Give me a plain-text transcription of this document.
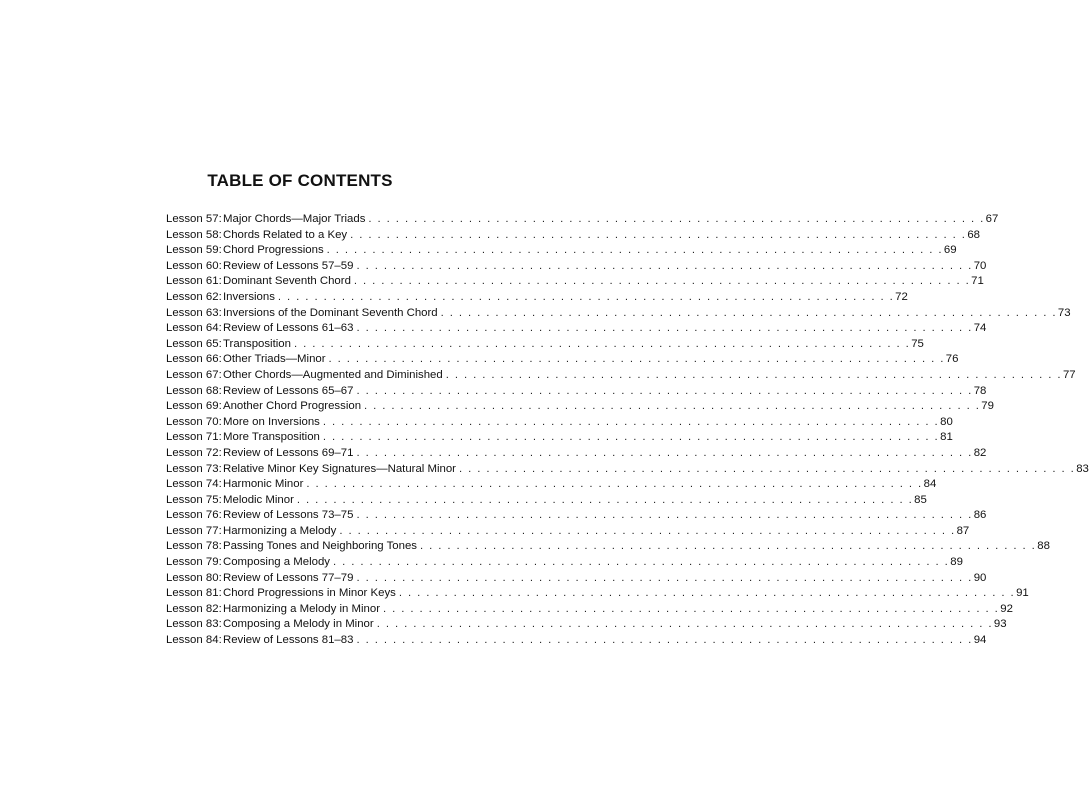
TABLE OF CONTENTS
Lesson 57: Major Chords—Major Triads . . . . . . . . . . . . . . . . . . . . . . . . . . . . . . . . . . . . . . . . . . . . . . . . . . . . . . . . . . . . . . . . . . . . 67
Lesson 58: Chords Related to a Key . . . . . . . . . . . . . . . . . . . . . . . . . . . . . . . . . . . . . . . . . . . . . . . . . . . . . . . . . . . . . . . . . . . . 68
Lesson 59: Chord Progressions . . . . . . . . . . . . . . . . . . . . . . . . . . . . . . . . . . . . . . . . . . . . . . . . . . . . . . . . . . . . . . . . . . . . 69
Lesson 60: Review of Lessons 57–59 . . . . . . . . . . . . . . . . . . . . . . . . . . . . . . . . . . . . . . . . . . . . . . . . . . . . . . . . . . . . . . . . . . . . 70
Lesson 61: Dominant Seventh Chord . . . . . . . . . . . . . . . . . . . . . . . . . . . . . . . . . . . . . . . . . . . . . . . . . . . . . . . . . . . . . . . . . . . . 71
Lesson 62: Inversions . . . . . . . . . . . . . . . . . . . . . . . . . . . . . . . . . . . . . . . . . . . . . . . . . . . . . . . . . . . . . . . . . . . . 72
Lesson 63: Inversions of the Dominant Seventh Chord . . . . . . . . . . . . . . . . . . . . . . . . . . . . . . . . . . . . . . . . . . . . . . . . . . . . . . . . . . . . . . . . . . . . 73
Lesson 64: Review of Lessons 61–63 . . . . . . . . . . . . . . . . . . . . . . . . . . . . . . . . . . . . . . . . . . . . . . . . . . . . . . . . . . . . . . . . . . . . 74
Lesson 65: Transposition . . . . . . . . . . . . . . . . . . . . . . . . . . . . . . . . . . . . . . . . . . . . . . . . . . . . . . . . . . . . . . . . . . . . 75
Lesson 66: Other Triads—Minor . . . . . . . . . . . . . . . . . . . . . . . . . . . . . . . . . . . . . . . . . . . . . . . . . . . . . . . . . . . . . . . . . . . . 76
Lesson 67: Other Chords—Augmented and Diminished . . . . . . . . . . . . . . . . . . . . . . . . . . . . . . . . . . . . . . . . . . . . . . . . . . . . . . . . . . . . . . . . . . . . 77
Lesson 68: Review of Lessons 65–67 . . . . . . . . . . . . . . . . . . . . . . . . . . . . . . . . . . . . . . . . . . . . . . . . . . . . . . . . . . . . . . . . . . . . 78
Lesson 69: Another Chord Progression . . . . . . . . . . . . . . . . . . . . . . . . . . . . . . . . . . . . . . . . . . . . . . . . . . . . . . . . . . . . . . . . . . . . 79
Lesson 70: More on Inversions . . . . . . . . . . . . . . . . . . . . . . . . . . . . . . . . . . . . . . . . . . . . . . . . . . . . . . . . . . . . . . . . . . . . 80
Lesson 71: More Transposition . . . . . . . . . . . . . . . . . . . . . . . . . . . . . . . . . . . . . . . . . . . . . . . . . . . . . . . . . . . . . . . . . . . . 81
Lesson 72: Review of Lessons 69–71 . . . . . . . . . . . . . . . . . . . . . . . . . . . . . . . . . . . . . . . . . . . . . . . . . . . . . . . . . . . . . . . . . . . . 82
Lesson 73: Relative Minor Key Signatures—Natural Minor . . . . . . . . . . . . . . . . . . . . . . . . . . . . . . . . . . . . . . . . . . . . . . . . . . . . . . . . . . . . . . . . . . . . 83
Lesson 74: Harmonic Minor . . . . . . . . . . . . . . . . . . . . . . . . . . . . . . . . . . . . . . . . . . . . . . . . . . . . . . . . . . . . . . . . . . . . 84
Lesson 75: Melodic Minor . . . . . . . . . . . . . . . . . . . . . . . . . . . . . . . . . . . . . . . . . . . . . . . . . . . . . . . . . . . . . . . . . . . . 85
Lesson 76: Review of Lessons 73–75 . . . . . . . . . . . . . . . . . . . . . . . . . . . . . . . . . . . . . . . . . . . . . . . . . . . . . . . . . . . . . . . . . . . . 86
Lesson 77: Harmonizing a Melody . . . . . . . . . . . . . . . . . . . . . . . . . . . . . . . . . . . . . . . . . . . . . . . . . . . . . . . . . . . . . . . . . . . . 87
Lesson 78: Passing Tones and Neighboring Tones . . . . . . . . . . . . . . . . . . . . . . . . . . . . . . . . . . . . . . . . . . . . . . . . . . . . . . . . . . . . . . . . . . . . 88
Lesson 79: Composing a Melody . . . . . . . . . . . . . . . . . . . . . . . . . . . . . . . . . . . . . . . . . . . . . . . . . . . . . . . . . . . . . . . . . . . . 89
Lesson 80: Review of Lessons 77–79 . . . . . . . . . . . . . . . . . . . . . . . . . . . . . . . . . . . . . . . . . . . . . . . . . . . . . . . . . . . . . . . . . . . . 90
Lesson 81: Chord Progressions in Minor Keys . . . . . . . . . . . . . . . . . . . . . . . . . . . . . . . . . . . . . . . . . . . . . . . . . . . . . . . . . . . . . . . . . . . . 91
Lesson 82: Harmonizing a Melody in Minor . . . . . . . . . . . . . . . . . . . . . . . . . . . . . . . . . . . . . . . . . . . . . . . . . . . . . . . . . . . . . . . . . . . . 92
Lesson 83: Composing a Melody in Minor . . . . . . . . . . . . . . . . . . . . . . . . . . . . . . . . . . . . . . . . . . . . . . . . . . . . . . . . . . . . . . . . . . . . 93
Lesson 84: Review of Lessons 81–83 . . . . . . . . . . . . . . . . . . . . . . . . . . . . . . . . . . . . . . . . . . . . . . . . . . . . . . . . . . . . . . . . . . . . 94
